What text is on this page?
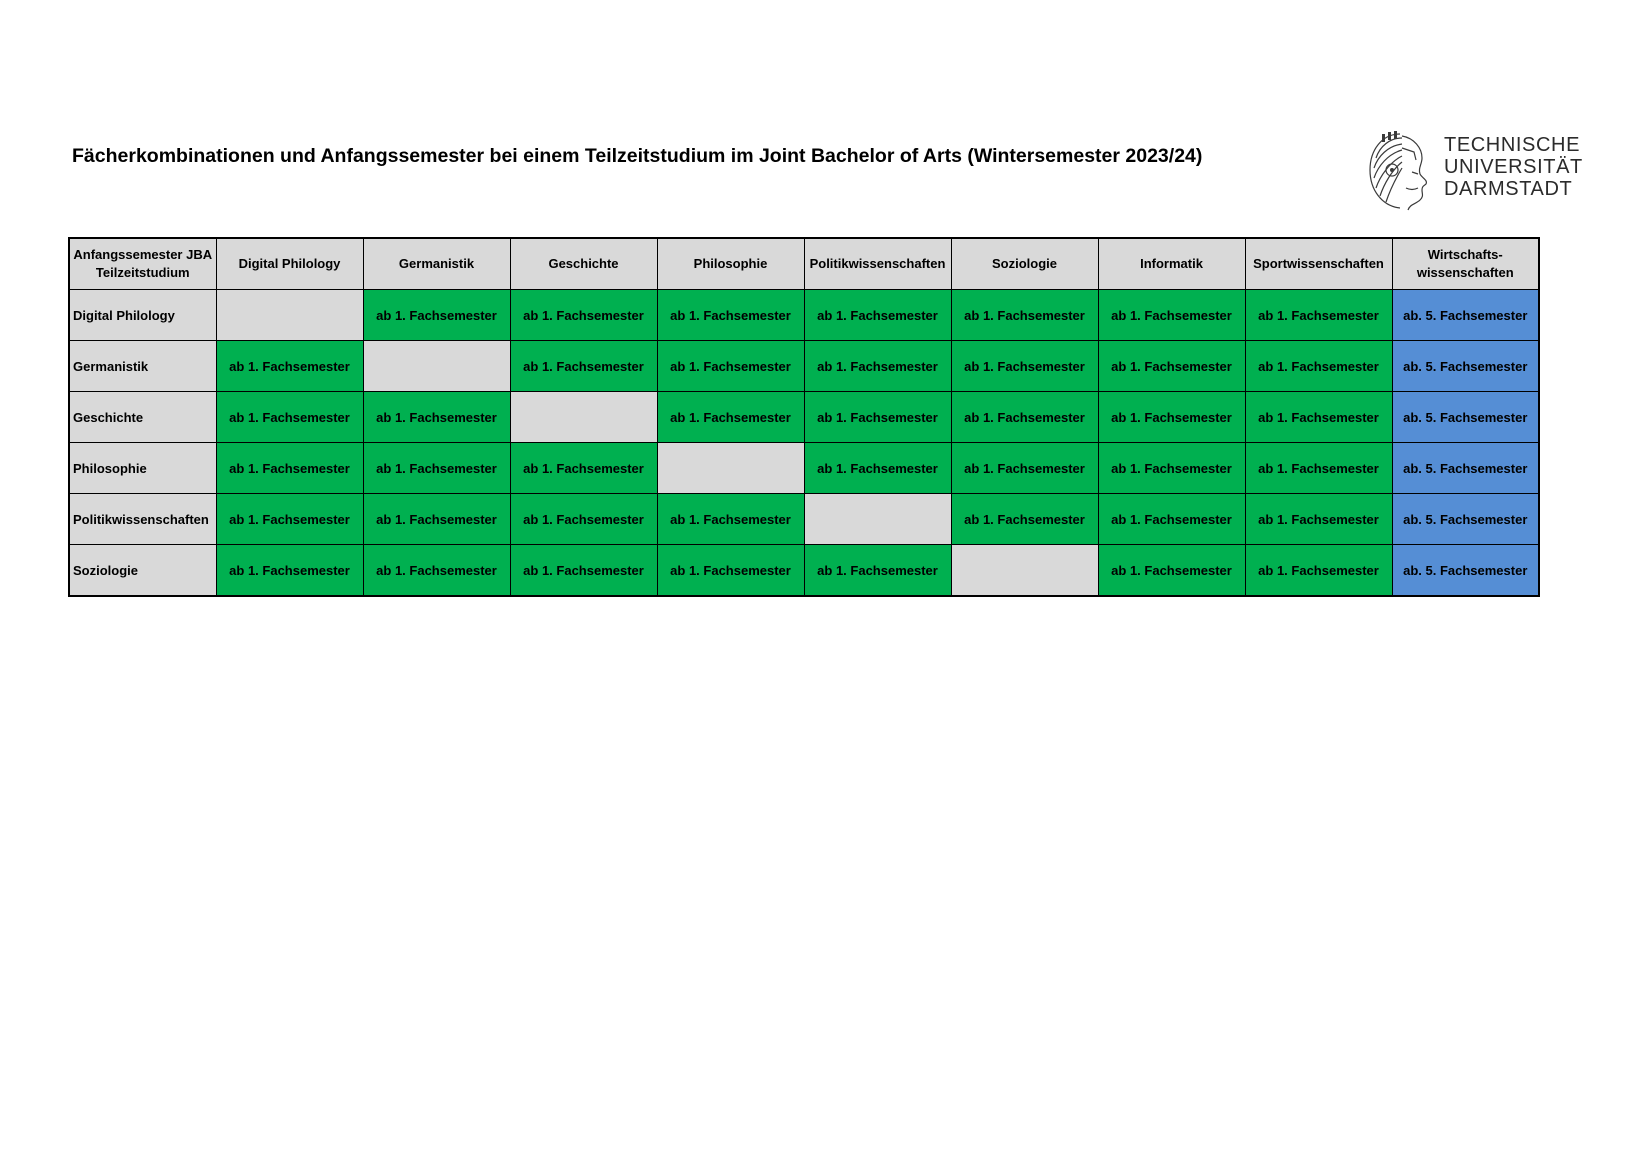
Fächerkombinationen und Anfangssemester bei einem Teilzeitstudium im Joint Bachelor of Arts (Wintersemester 2023/24)	TECHNISCHE
UNIVERSITÄT
DARMSTADT
Anfangssemester JBA Teilzeitstudium	Digital Philology	Germanistik	Geschichte	Philosophie	Politikwissenschaften	Soziologie	Informatik	Sportwissenschaften	Wirtschafts-wissenschaften
Digital Philology		ab 1. Fachsemester	ab 1. Fachsemester	ab 1. Fachsemester	ab 1. Fachsemester	ab 1. Fachsemester	ab 1. Fachsemester	ab 1. Fachsemester	ab. 5. Fachsemester
Germanistik	ab 1. Fachsemester		ab 1. Fachsemester	ab 1. Fachsemester	ab 1. Fachsemester	ab 1. Fachsemester	ab 1. Fachsemester	ab 1. Fachsemester	ab. 5. Fachsemester
Geschichte	ab 1. Fachsemester	ab 1. Fachsemester		ab 1. Fachsemester	ab 1. Fachsemester	ab 1. Fachsemester	ab 1. Fachsemester	ab 1. Fachsemester	ab. 5. Fachsemester
Philosophie	ab 1. Fachsemester	ab 1. Fachsemester	ab 1. Fachsemester		ab 1. Fachsemester	ab 1. Fachsemester	ab 1. Fachsemester	ab 1. Fachsemester	ab. 5. Fachsemester
Politikwissenschaften	ab 1. Fachsemester	ab 1. Fachsemester	ab 1. Fachsemester	ab 1. Fachsemester		ab 1. Fachsemester	ab 1. Fachsemester	ab 1. Fachsemester	ab. 5. Fachsemester
Soziologie	ab 1. Fachsemester	ab 1. Fachsemester	ab 1. Fachsemester	ab 1. Fachsemester	ab 1. Fachsemester		ab 1. Fachsemester	ab 1. Fachsemester	ab. 5. Fachsemester
